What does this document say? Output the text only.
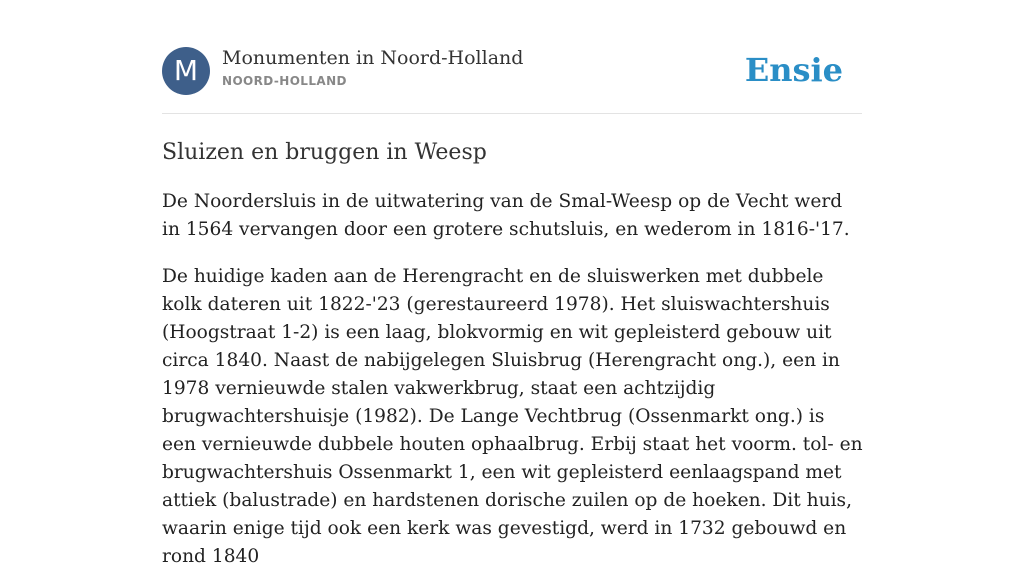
M	Monumenten in Noord-Holland
NOORD-HOLLAND	Ensie
Sluizen en bruggen in Weesp

De Noordersluis in de uitwatering van de Smal-Weesp op de Vecht werd in 1564 vervangen door een grotere schutsluis, en wederom in 1816-'17.

De huidige kaden aan de Herengracht en de sluiswerken met dubbele kolk dateren uit 1822-'23 (gerestaureerd 1978). Het sluiswachtershuis (Hoogstraat 1-2) is een laag, blokvormig en wit gepleisterd gebouw uit circa 1840. Naast de nabijgelegen Sluisbrug (Herengracht ong.), een in 1978 vernieuwde stalen vakwerkbrug, staat een achtzijdig brugwachtershuisje (1982). De Lange Vechtbrug (Ossenmarkt ong.) is een vernieuwde dubbele houten ophaalbrug. Erbij staat het voorm. tol- en brugwachtershuis Ossenmarkt 1, een wit gepleisterd eenlaagspand met attiek (balustrade) en hardstenen dorische zuilen op de hoeken. Dit huis, waarin enige tijd ook een kerk was gevestigd, werd in 1732 gebouwd en rond 1840
